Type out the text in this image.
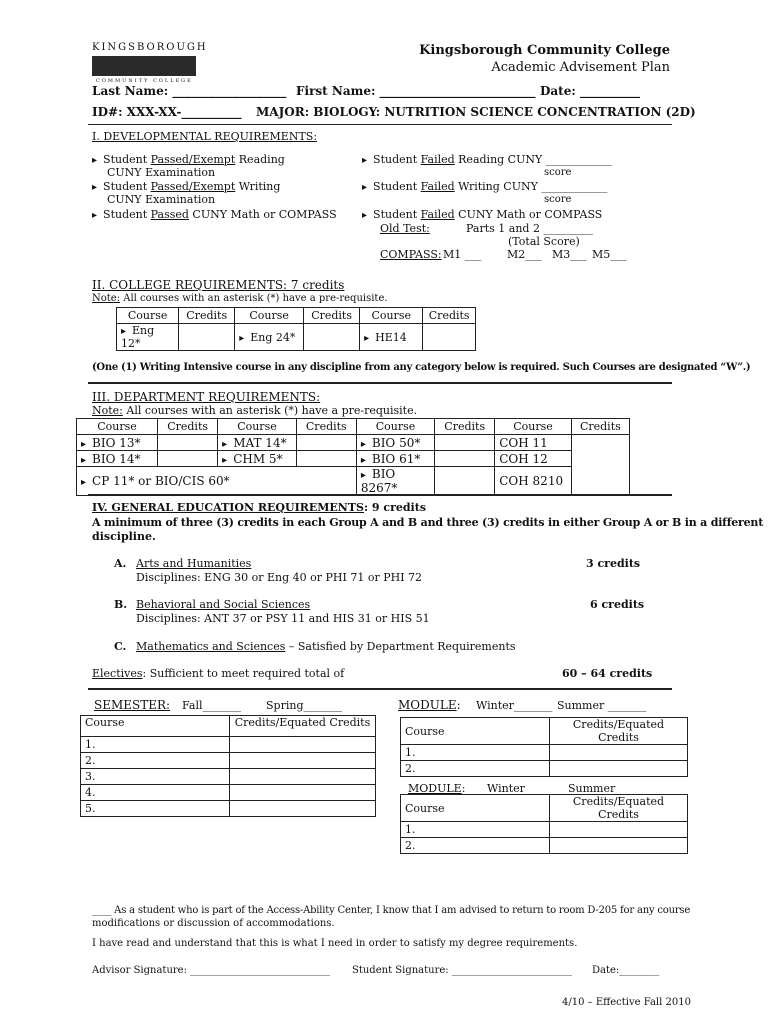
KINGSBOROUGH
COMMUNITY COLLEGE
Kingsborough Community College
Academic Advisement Plan
Last Name: ___________________ First Name: __________________________ Date: __________
ID#: XXX-XX-__________ MAJOR: BIOLOGY: NUTRITION SCIENCE CONCENTRATION (2D)
I. DEVELOPMENTAL REQUIREMENTS:
▸ Student Passed/Exempt Reading
CUNY Examination
▸ Student Passed/Exempt Writing
CUNY Examination
▸ Student Passed CUNY Math or COMPASS
▸ Student Failed Reading CUNY ____________
score
▸ Student Failed Writing CUNY ____________
score
▸ Student Failed CUNY Math or COMPASS
Old Test:	Parts 1 and 2 _________
(Total Score)
COMPASS: M1 ___ M2___ M3___ M5___
II. COLLEGE REQUIREMENTS: 7 credits
Note: All courses with an asterisk (*) have a pre-requisite.
Course	Credits	Course	Credits	Course	Credits
▸ Eng 12*		▸Eng 24*		▸HE14	
(One (1) Writing Intensive course in any discipline from any category below is required. Such Courses are designated “W”.)
III. DEPARTMENT REQUIREMENTS:
Note: All courses with an asterisk (*) have a pre-requisite.
Course	Credits	Course	Credits	Course	Credits	Course	Credits
▸ BIO 13*		▸MAT 14*		▸BIO 50*		COH 11	
▸ BIO 14*		▸CHM 5*		▸BIO 61*		COH 12	
▸ CP 11* or BIO/CIS 60*		▸BIO 8267*		COH 8210	
IV. GENERAL EDUCATION REQUIREMENTS: 9 credits
A minimum of three (3) credits in each Group A and B and three (3) credits in either Group A or B in a different
discipline.
A. Arts and Humanities
Disciplines: ENG 30 or Eng 40 or PHI 71 or PHI 72
3 credits
B. Behavioral and Social Sciences
Disciplines: ANT 37 or PSY 11 and HIS 31 or HIS 51
6 credits
C. Mathematics and Sciences – Satisfied by Department Requirements
Electives: Sufficient to meet required total of	60 – 64 credits
SEMESTER: Fall_______ Spring_______
Course	Credits/Equated Credits
1.	
2.	
3.	
4.	
5.	
MODULE: Winter_______ Summer _______
Course	Credits/Equated Credits
1.	
2.	
MODULE: Winter_______ Summer _______
Course	Credits/Equated Credits
1.	
2.	
____ As a student who is part of the Access-Ability Center, I know that I am advised to return to room D-205 for any course
modifications or discussion of accommodations.
I have read and understand that this is what I need in order to satisfy my degree requirements.
Advisor Signature: ____________________________ Student Signature: ________________________ Date:________
4/10 – Effective Fall 2010
